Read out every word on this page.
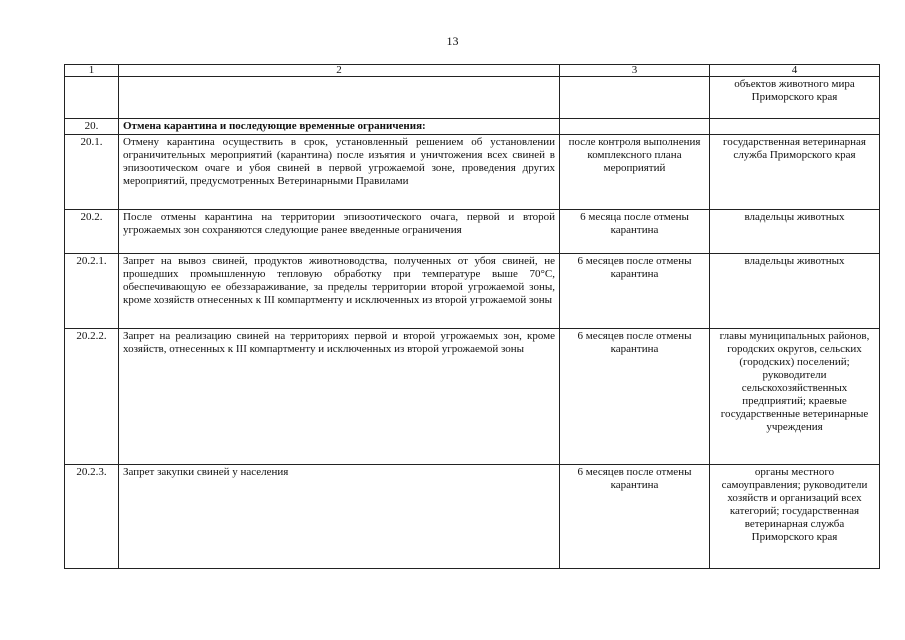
13
1	2	3	4
			объектов животного мира Приморского края
20.	Отмена карантина и последующие временные ограничения:		
20.1.	Отмену карантина осуществить в срок, установленный решением об установлении ограничительных мероприятий (карантина) после изъятия и уничтожения всех свиней в эпизоотическом очаге и убоя свиней в первой угрожаемой зоне, проведения других мероприятий, предусмотренных Ветеринарными Правилами	после контроля выполнения комплексного плана мероприятий	государственная ветеринарная служба Приморского края
20.2.	После отмены карантина на территории эпизоотического очага, первой и второй угрожаемых зон сохраняются следующие ранее введенные ограничения	6 месяца после отмены карантина	владельцы животных
20.2.1.	Запрет на вывоз свиней, продуктов животноводства, полученных от убоя свиней, не прошедших промышленную тепловую обработку при температуре выше 70°С, обеспечивающую ее обеззараживание, за пределы территории второй угрожаемой зоны, кроме хозяйств отнесенных к III компартменту и исключенных из второй угрожаемой зоны	6 месяцев после отмены карантина	владельцы животных
20.2.2.	Запрет на реализацию свиней на территориях первой и второй угрожаемых зон, кроме хозяйств, отнесенных к III компартменту и исключенных из второй угрожаемой зоны	6 месяцев после отмены карантина	главы муниципальных районов, городских округов, сельских (городских) поселений; руководители сельскохозяйственных предприятий; краевые государственные ветеринарные учреждения
20.2.3.	Запрет закупки свиней у населения	6 месяцев после отмены карантина	органы местного самоуправления; руководители хозяйств и организаций всех категорий; государственная ветеринарная служба Приморского края
